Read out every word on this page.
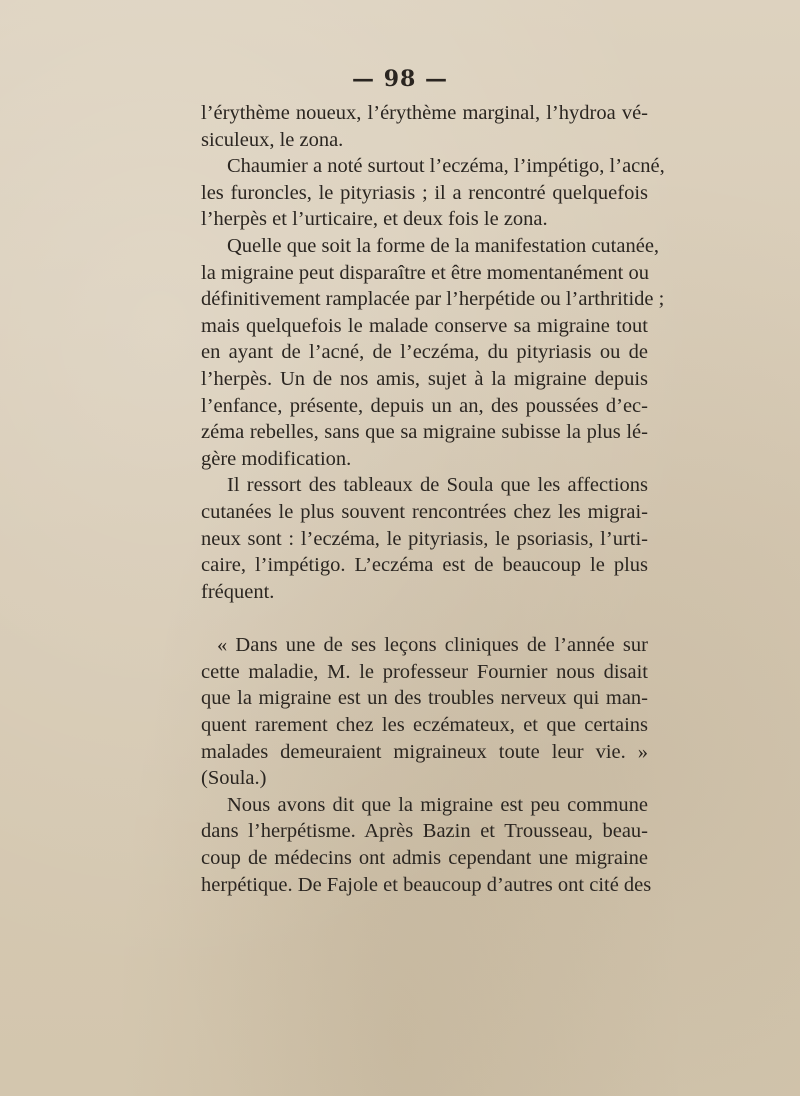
— 98 —
l’érythème noueux, l’érythème marginal, l’hydroa vé-
siculeux, le zona.
Chaumier a noté surtout l’eczéma, l’impétigo, l’acné,
les furoncles, le pityriasis ; il a rencontré quelquefois
l’herpès et l’urticaire, et deux fois le zona.
Quelle que soit la forme de la manifestation cutanée,
la migraine peut disparaître et être momentanément ou
définitivement ramplacée par l’herpétide ou l’arthritide ;
mais quelquefois le malade conserve sa migraine tout
en ayant de l’acné, de l’eczéma, du pityriasis ou de
l’herpès. Un de nos amis, sujet à la migraine depuis
l’enfance, présente, depuis un an, des poussées d’ec-
zéma rebelles, sans que sa migraine subisse la plus lé-
gère modification.
Il ressort des tableaux de Soula que les affections
cutanées le plus souvent rencontrées chez les migrai-
neux sont : l’eczéma, le pityriasis, le psoriasis, l’urti-
caire, l’impétigo. L’eczéma est de beaucoup le plus
fréquent.
« Dans une de ses leçons cliniques de l’année sur
cette maladie, M. le professeur Fournier nous disait
que la migraine est un des troubles nerveux qui man-
quent rarement chez les eczémateux, et que certains
malades demeuraient migraineux toute leur vie. »
(Soula.)
Nous avons dit que la migraine est peu commune
dans l’herpétisme. Après Bazin et Trousseau, beau-
coup de médecins ont admis cependant une migraine
herpétique. De Fajole et beaucoup d’autres ont cité des
